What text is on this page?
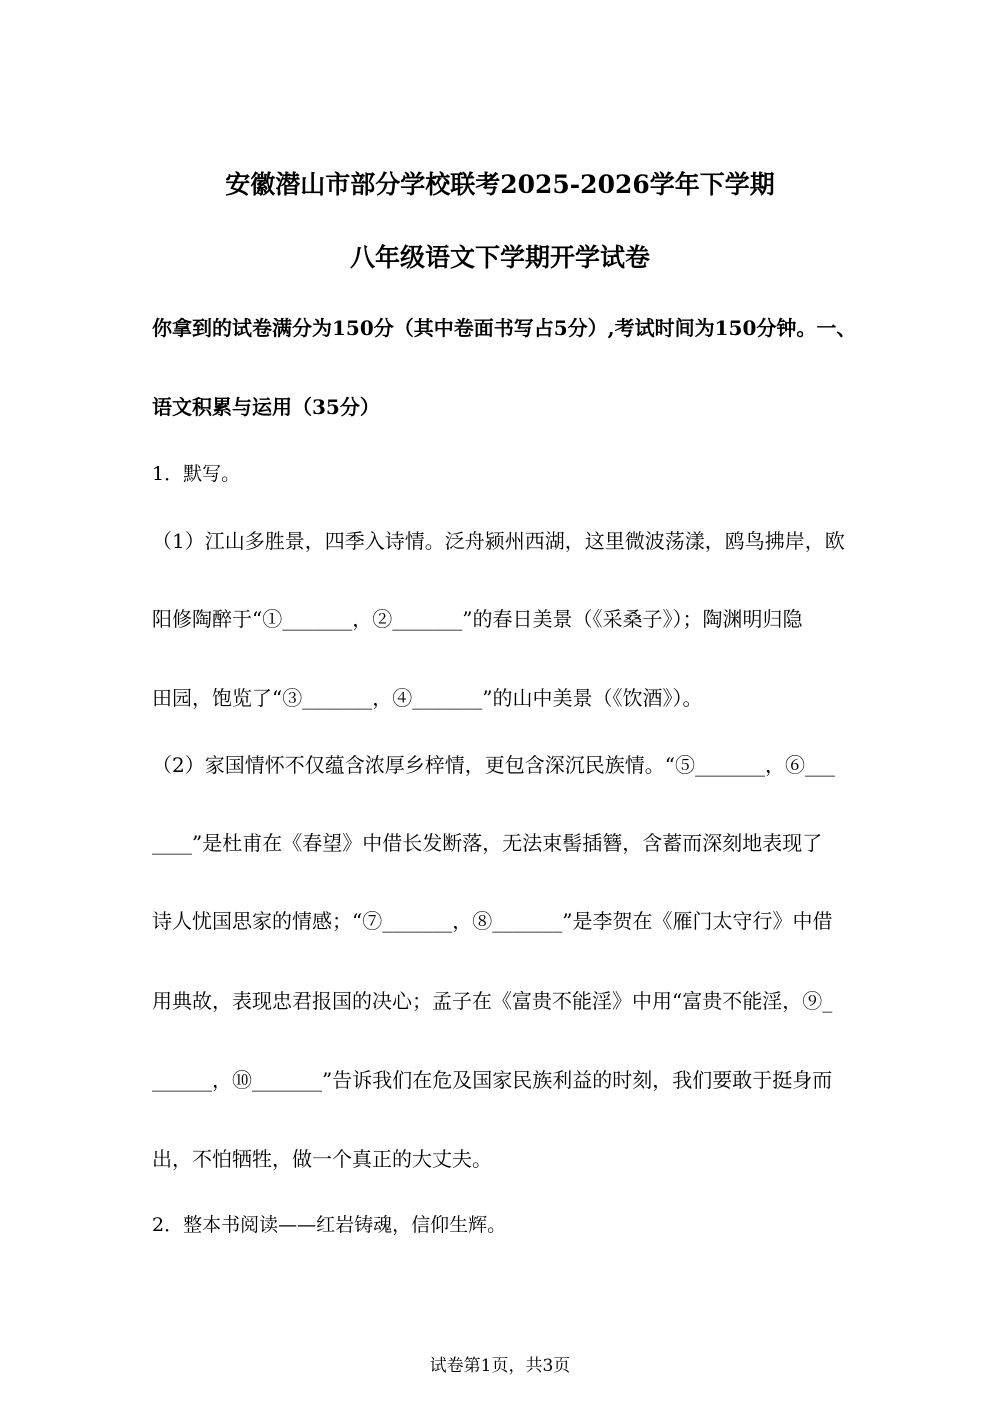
安徽潜山市部分学校联考2025-2026学年下学期
八年级语文下学期开学试卷
你拿到的试卷满分为150分（其中卷面书写占5分）,考试时间为150分钟。一、
语文积累与运用（35分）
1．默写。
（1）江山多胜景，四季入诗情。泛舟颍州西湖，这里微波荡漾，鸥鸟拂岸，欧
阳修陶醉于“①_______，②_______”的春日美景（《采桑子》）；陶渊明归隐
田园，饱览了“③_______，④_______”的山中美景（《饮酒》）。
（2）家国情怀不仅蕴含浓厚乡梓情，更包含深沉民族情。“⑤_______，⑥___
____”是杜甫在《春望》中借长发断落，无法束髻插簪，含蓄而深刻地表现了
诗人忧国思家的情感；“⑦_______，⑧_______”是李贺在《雁门太守行》中借
用典故，表现忠君报国的决心；孟子在《富贵不能淫》中用“富贵不能淫，⑨_
______，⑩_______”告诉我们在危及国家民族利益的时刻，我们要敢于挺身而
出，不怕牺牲，做一个真正的大丈夫。
2．整本书阅读——红岩铸魂，信仰生辉。
试卷第1页，共3页
